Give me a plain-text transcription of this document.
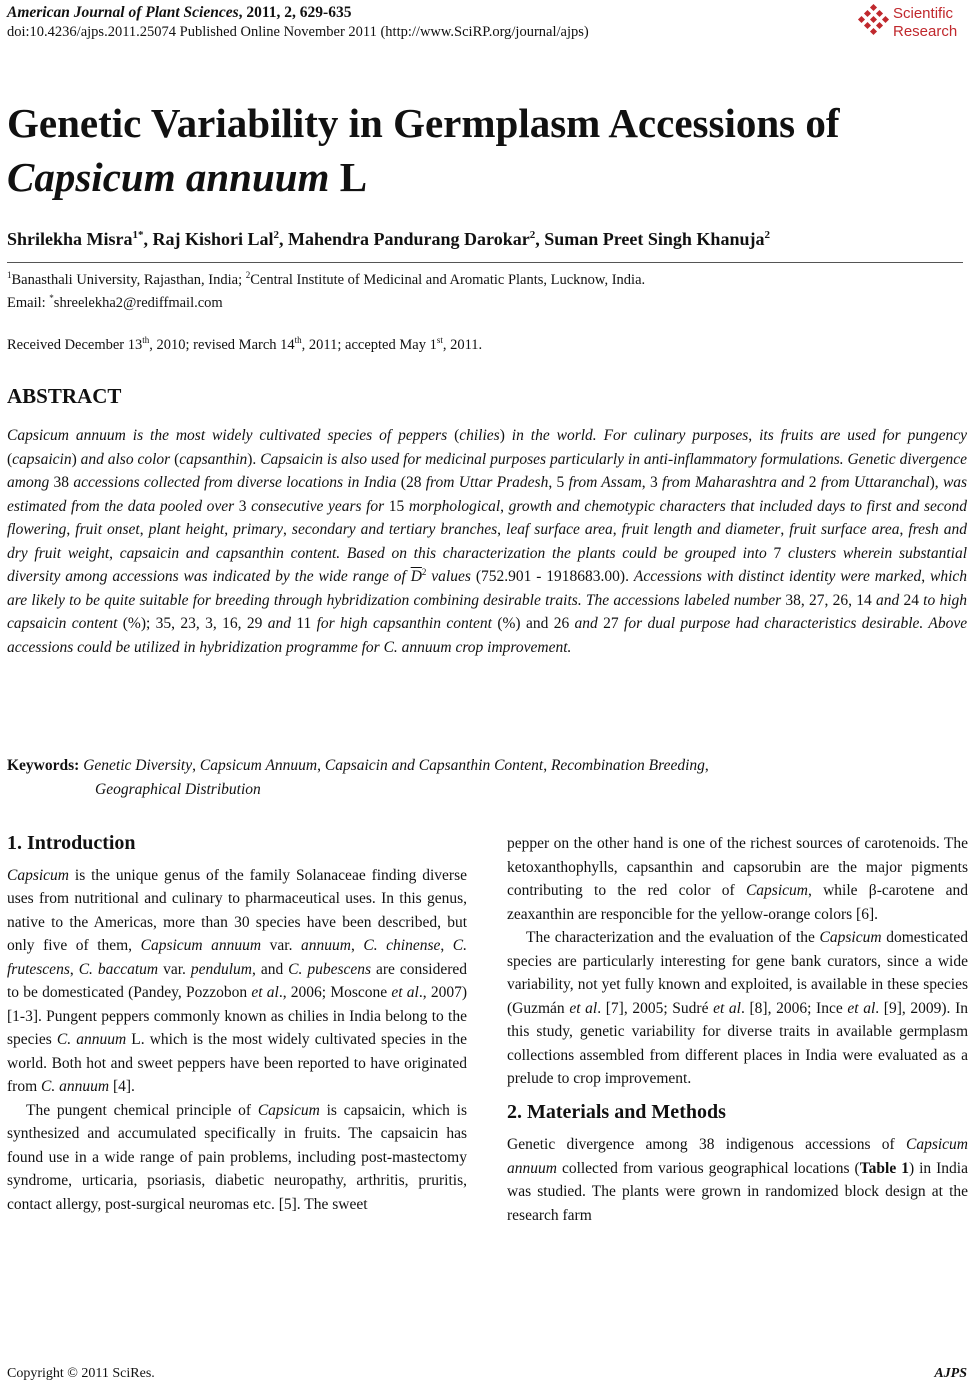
American Journal of Plant Sciences, 2011, 2, 629-635
doi:10.4236/ajps.2011.25074 Published Online November 2011 (http://www.SciRP.org/journal/ajps)
Scientific
Research
Genetic Variability in Germplasm Accessions of
Capsicum annuum L
Shrilekha Misra$^{1*}$, Raj Kishori Lal$^2$, Mahendra Pandurang Darokar$^2$, Suman Preet Singh Khanuja$^2$
$^1$Banasthali University, Rajasthan, India; $^2$Central Institute of Medicinal and Aromatic Plants, Lucknow, India.
Email: *shreelekha2@rediffmail.com
Received December 13th, 2010; revised March 14th, 2011; accepted May 1st, 2011.
ABSTRACT
Capsicum annuum is the most widely cultivated species of peppers (chilies) in the world. For culinary purposes, its fruits are used for pungency (capsaicin) and also color (capsanthin). Capsaicin is also used for medicinal purposes particularly in anti-inflammatory formulations. Genetic divergence among 38 accessions collected from diverse locations in India (28 from Uttar Pradesh, 5 from Assam, 3 from Maharashtra and 2 from Uttaranchal), was estimated from the data pooled over 3 consecutive years for 15 morphological, growth and chemotypic characters that included days to first and second flowering, fruit onset, plant height, primary, secondary and tertiary branches, leaf surface area, fruit length and diameter, fruit surface area, fresh and dry fruit weight, capsaicin and capsanthin content. Based on this characterization the plants could be grouped into 7 clusters wherein substantial diversity among accessions was indicated by the wide range of $\overline{D}^2$ values (752.901 - 1918683.00). Accessions with distinct identity were marked, which are likely to be quite suitable for breeding through hybridization combining desirable traits. The accessions labeled number 38, 27, 26, 14 and 24 to high capsaicin content (%); 35, 23, 3, 16, 29 and 11 for high capsanthin content (%) and 26 and 27 for dual purpose had characteristics desirable. Above accessions could be utilized in hybridization programme for C. annuum crop improvement.
Keywords: Genetic Diversity, Capsicum Annuum, Capsaicin and Capsanthin Content, Recombination Breeding,
Geographical Distribution
1. Introduction

Capsicum is the unique genus of the family Solanaceae finding diverse uses from nutritional and culinary to pharmaceutical uses. In this genus, native to the Americas, more than 30 species have been described, but only five of them, Capsicum annuum var. annuum, C. chinense, C. frutescens, C. baccatum var. pendulum, and C. pubescens are considered to be domesticated (Pandey, Pozzobon et al., 2006; Moscone et al., 2007) [1-3]. Pungent peppers commonly known as chilies in India belong to the species C. annuum L. which is the most widely cultivated species in the world. Both hot and sweet peppers have been reported to have originated from C. annuum [4].

The pungent chemical principle of Capsicum is capsaicin, which is synthesized and accumulated specifically in fruits. The capsaicin has found use in a wide range of pain problems, including post-mastectomy syndrome, urticaria, psoriasis, diabetic neuropathy, arthritis, pruritis, contact allergy, post-surgical neuromas etc. [5]. The sweet

pepper on the other hand is one of the richest sources of carotenoids. The ketoxanthophylls, capsanthin and capsorubin are the major pigments contributing to the red color of Capsicum, while β-carotene and zeaxanthin are responcible for the yellow-orange colors [6].

The characterization and the evaluation of the Capsicum domesticated species are particularly interesting for gene bank curators, since a wide variability, not yet fully known and exploited, is available in these species (Guzmán et al. [7], 2005; Sudré et al. [8], 2006; Ince et al. [9], 2009). In this study, genetic variability for diverse traits in available germplasm collections assembled from different places in India were evaluated as a prelude to crop improvement.

2. Materials and Methods

Genetic divergence among 38 indigenous accessions of Capsicum annuum collected from various geographical locations (Table 1) in India was studied. The plants were grown in randomized block design at the research farm

Copyright © 2011 SciRes.	AJPS
